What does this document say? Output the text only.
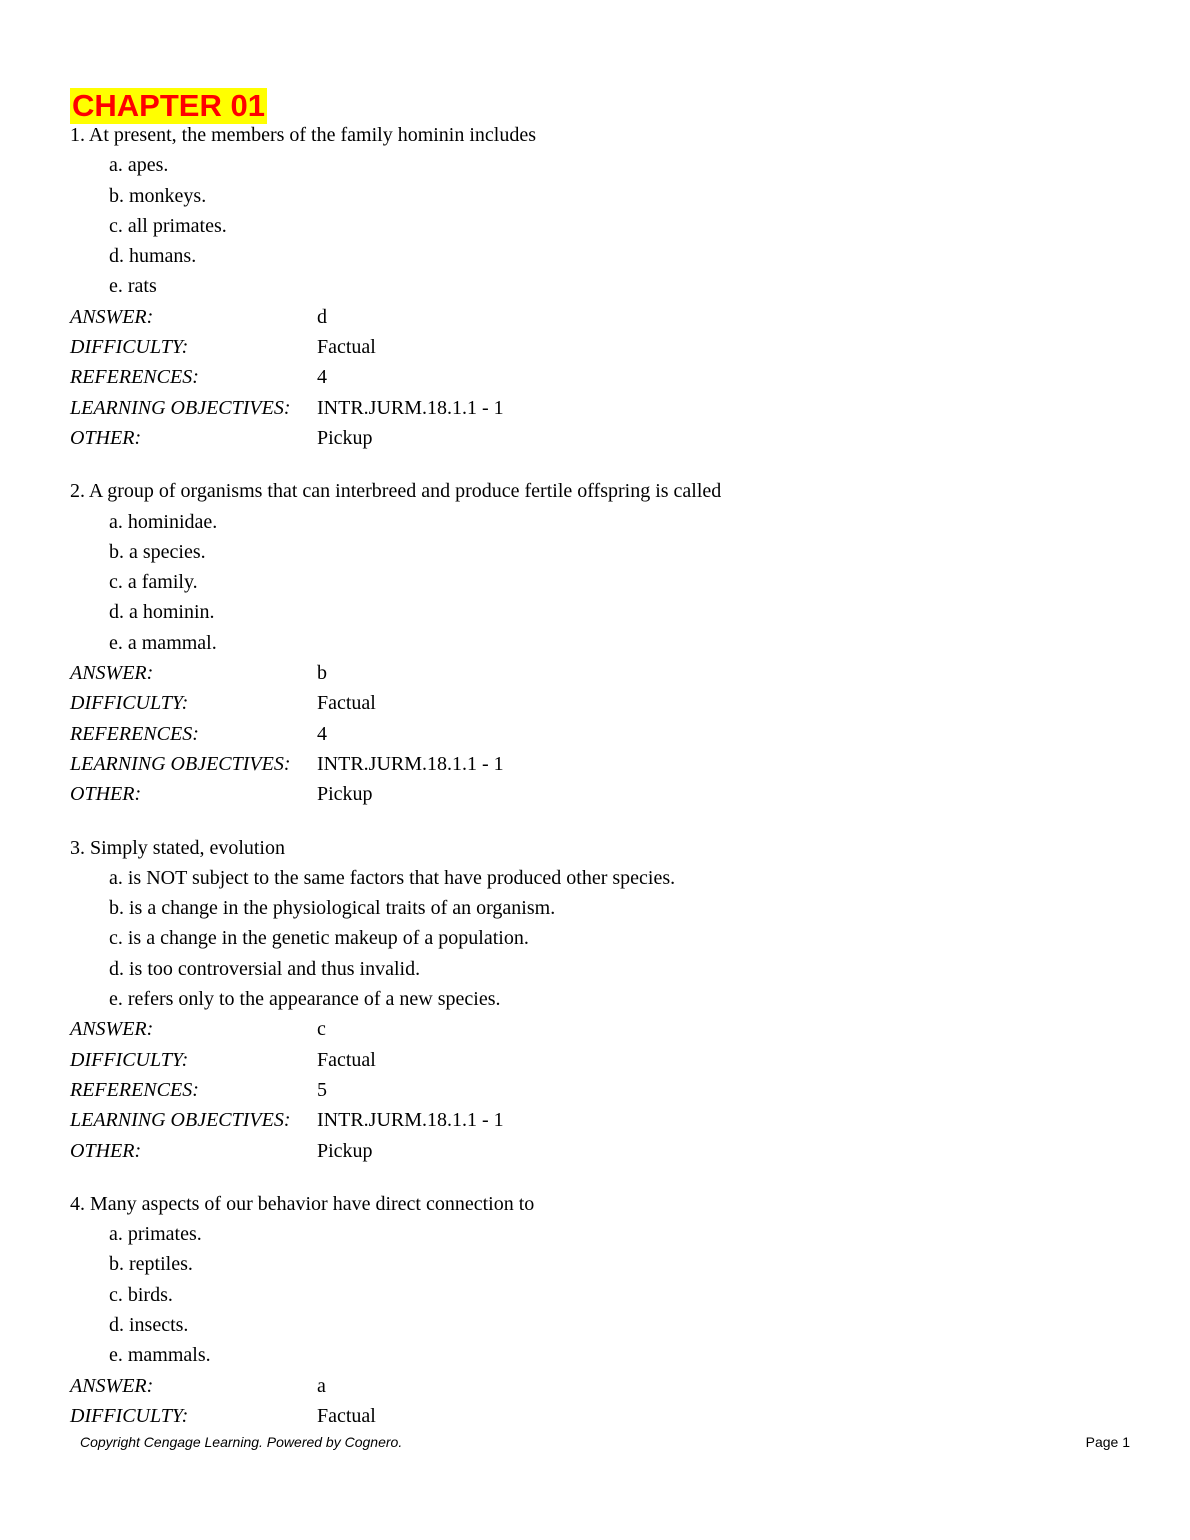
CHAPTER 01
1. At present, the members of the family hominin includes
a. apes.
b. monkeys.
c. all primates.
d. humans.
e. rats
ANSWER:	d
DIFFICULTY:	Factual
REFERENCES:	4
LEARNING OBJECTIVES:	INTR.JURM.18.1.1 - 1
OTHER:	Pickup
2. A group of organisms that can interbreed and produce fertile offspring is called
a. hominidae.
b. a species.
c. a family.
d. a hominin.
e. a mammal.
ANSWER:	b
DIFFICULTY:	Factual
REFERENCES:	4
LEARNING OBJECTIVES:	INTR.JURM.18.1.1 - 1
OTHER:	Pickup
3. Simply stated, evolution
a. is NOT subject to the same factors that have produced other species.
b. is a change in the physiological traits of an organism.
c. is a change in the genetic makeup of a population.
d. is too controversial and thus invalid.
e. refers only to the appearance of a new species.
ANSWER:	c
DIFFICULTY:	Factual
REFERENCES:	5
LEARNING OBJECTIVES:	INTR.JURM.18.1.1 - 1
OTHER:	Pickup
4. Many aspects of our behavior have direct connection to
a. primates.
b. reptiles.
c. birds.
d. insects.
e. mammals.
ANSWER:	a
DIFFICULTY:	Factual
Copyright Cengage Learning. Powered by Cognero.	Page 1
